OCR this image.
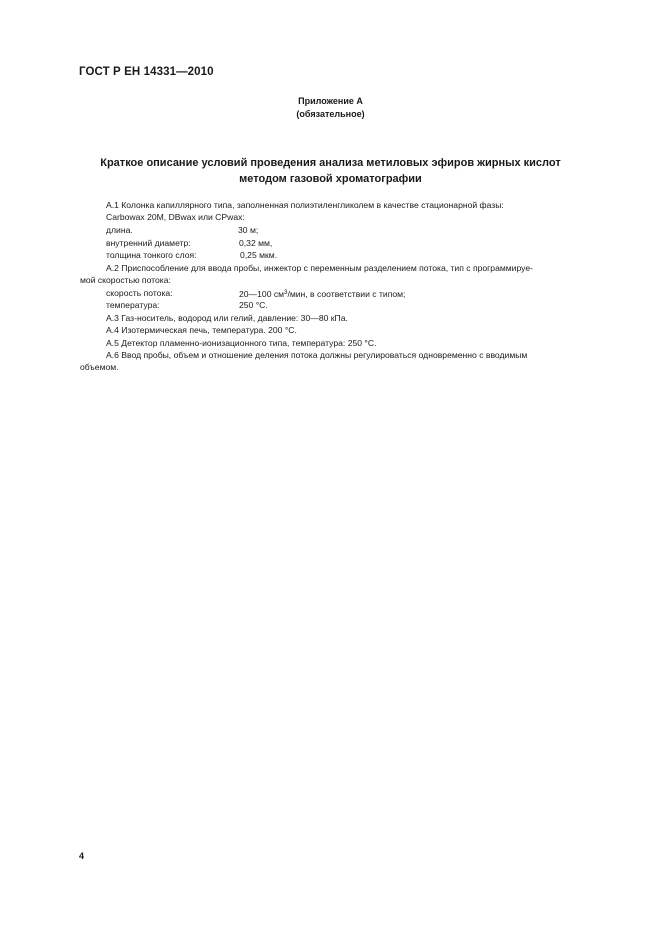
ГОСТ Р ЕН 14331—2010
Приложение А
(обязательное)
Краткое описание условий проведения анализа метиловых эфиров жирных кислот
методом газовой хроматографии
А.1 Колонка капиллярного типа, заполненная полиэтиленгликолем в качестве стационарной фазы:
Carbowax 20M, DBwax или CPwax:
длина.	30 м;
внутренний диаметр:	0,32 мм,
толщина тонкого слоя:	0,25 мкм.
А.2 Приспособление для ввода пробы, инжектор с переменным разделением потока, тип с программируе-
мой скоростью потока:
скорость потока:	20—100 $см^3$/мин, в соответствии с типом;
температура:	250 °С.
А.3 Газ-носитель, водород или гелий, давление: 30—80 кПа.
А.4 Изотермическая печь, температура. 200 °С.
А.5 Детектор пламенно-ионизационного типа, температура: 250 °С.
А.6 Ввод пробы, объем и отношение деления потока должны регулироваться одновременно с вводимым
объемом.
4
